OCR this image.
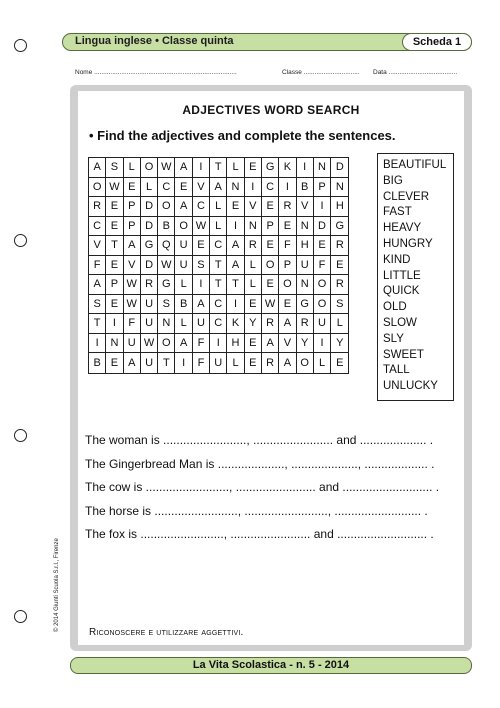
Lingua inglese • Classe quinta	Scheda 1
Nome ...............................................................................	Classe ............................... Data ......................................
ADJECTIVES WORD SEARCH
• Find the adjectives and complete the sentences.
A S L O W A	I	T L E G K	I	N D
O W E L C E V A N	I	C	I	B P N
R E P D O A C L E V E R V	I	H
C E P D B O W L	I	N P E N D G
V T A G Q U E C A R E F H E R
F E V D W U S T A L O P U F E
A P W R G L	I	T T L E O N O R
S E W U S B A C	I	E W E G O S
T	I	F U N L U C K Y R A R U L
I	N U W O A F	I	H E A V Y	I	Y
B E A U T	I	F U L E R A O L	E
BEAUTIFUL
BIG
CLEVER
FAST
HEAVY
HUNGRY
KIND
LITTLE
QUICK
OLD
SLOW
SLY
SWEET
TALL
UNLUCKY
The woman is ........................., ........................ and .................... .
The Gingerbread Man is ...................., ...................., ................... .
The cow is ........................., ........................ and ........................... .
The horse is ........................., ........................., .......................... .
The fox is ........................., ........................ and ........................... .
Riconoscere e utilizzare aggettivi.
© 2014 Giunti Scuola S.r.l., Firenze
La Vita Scolastica - n. 5 - 2014
